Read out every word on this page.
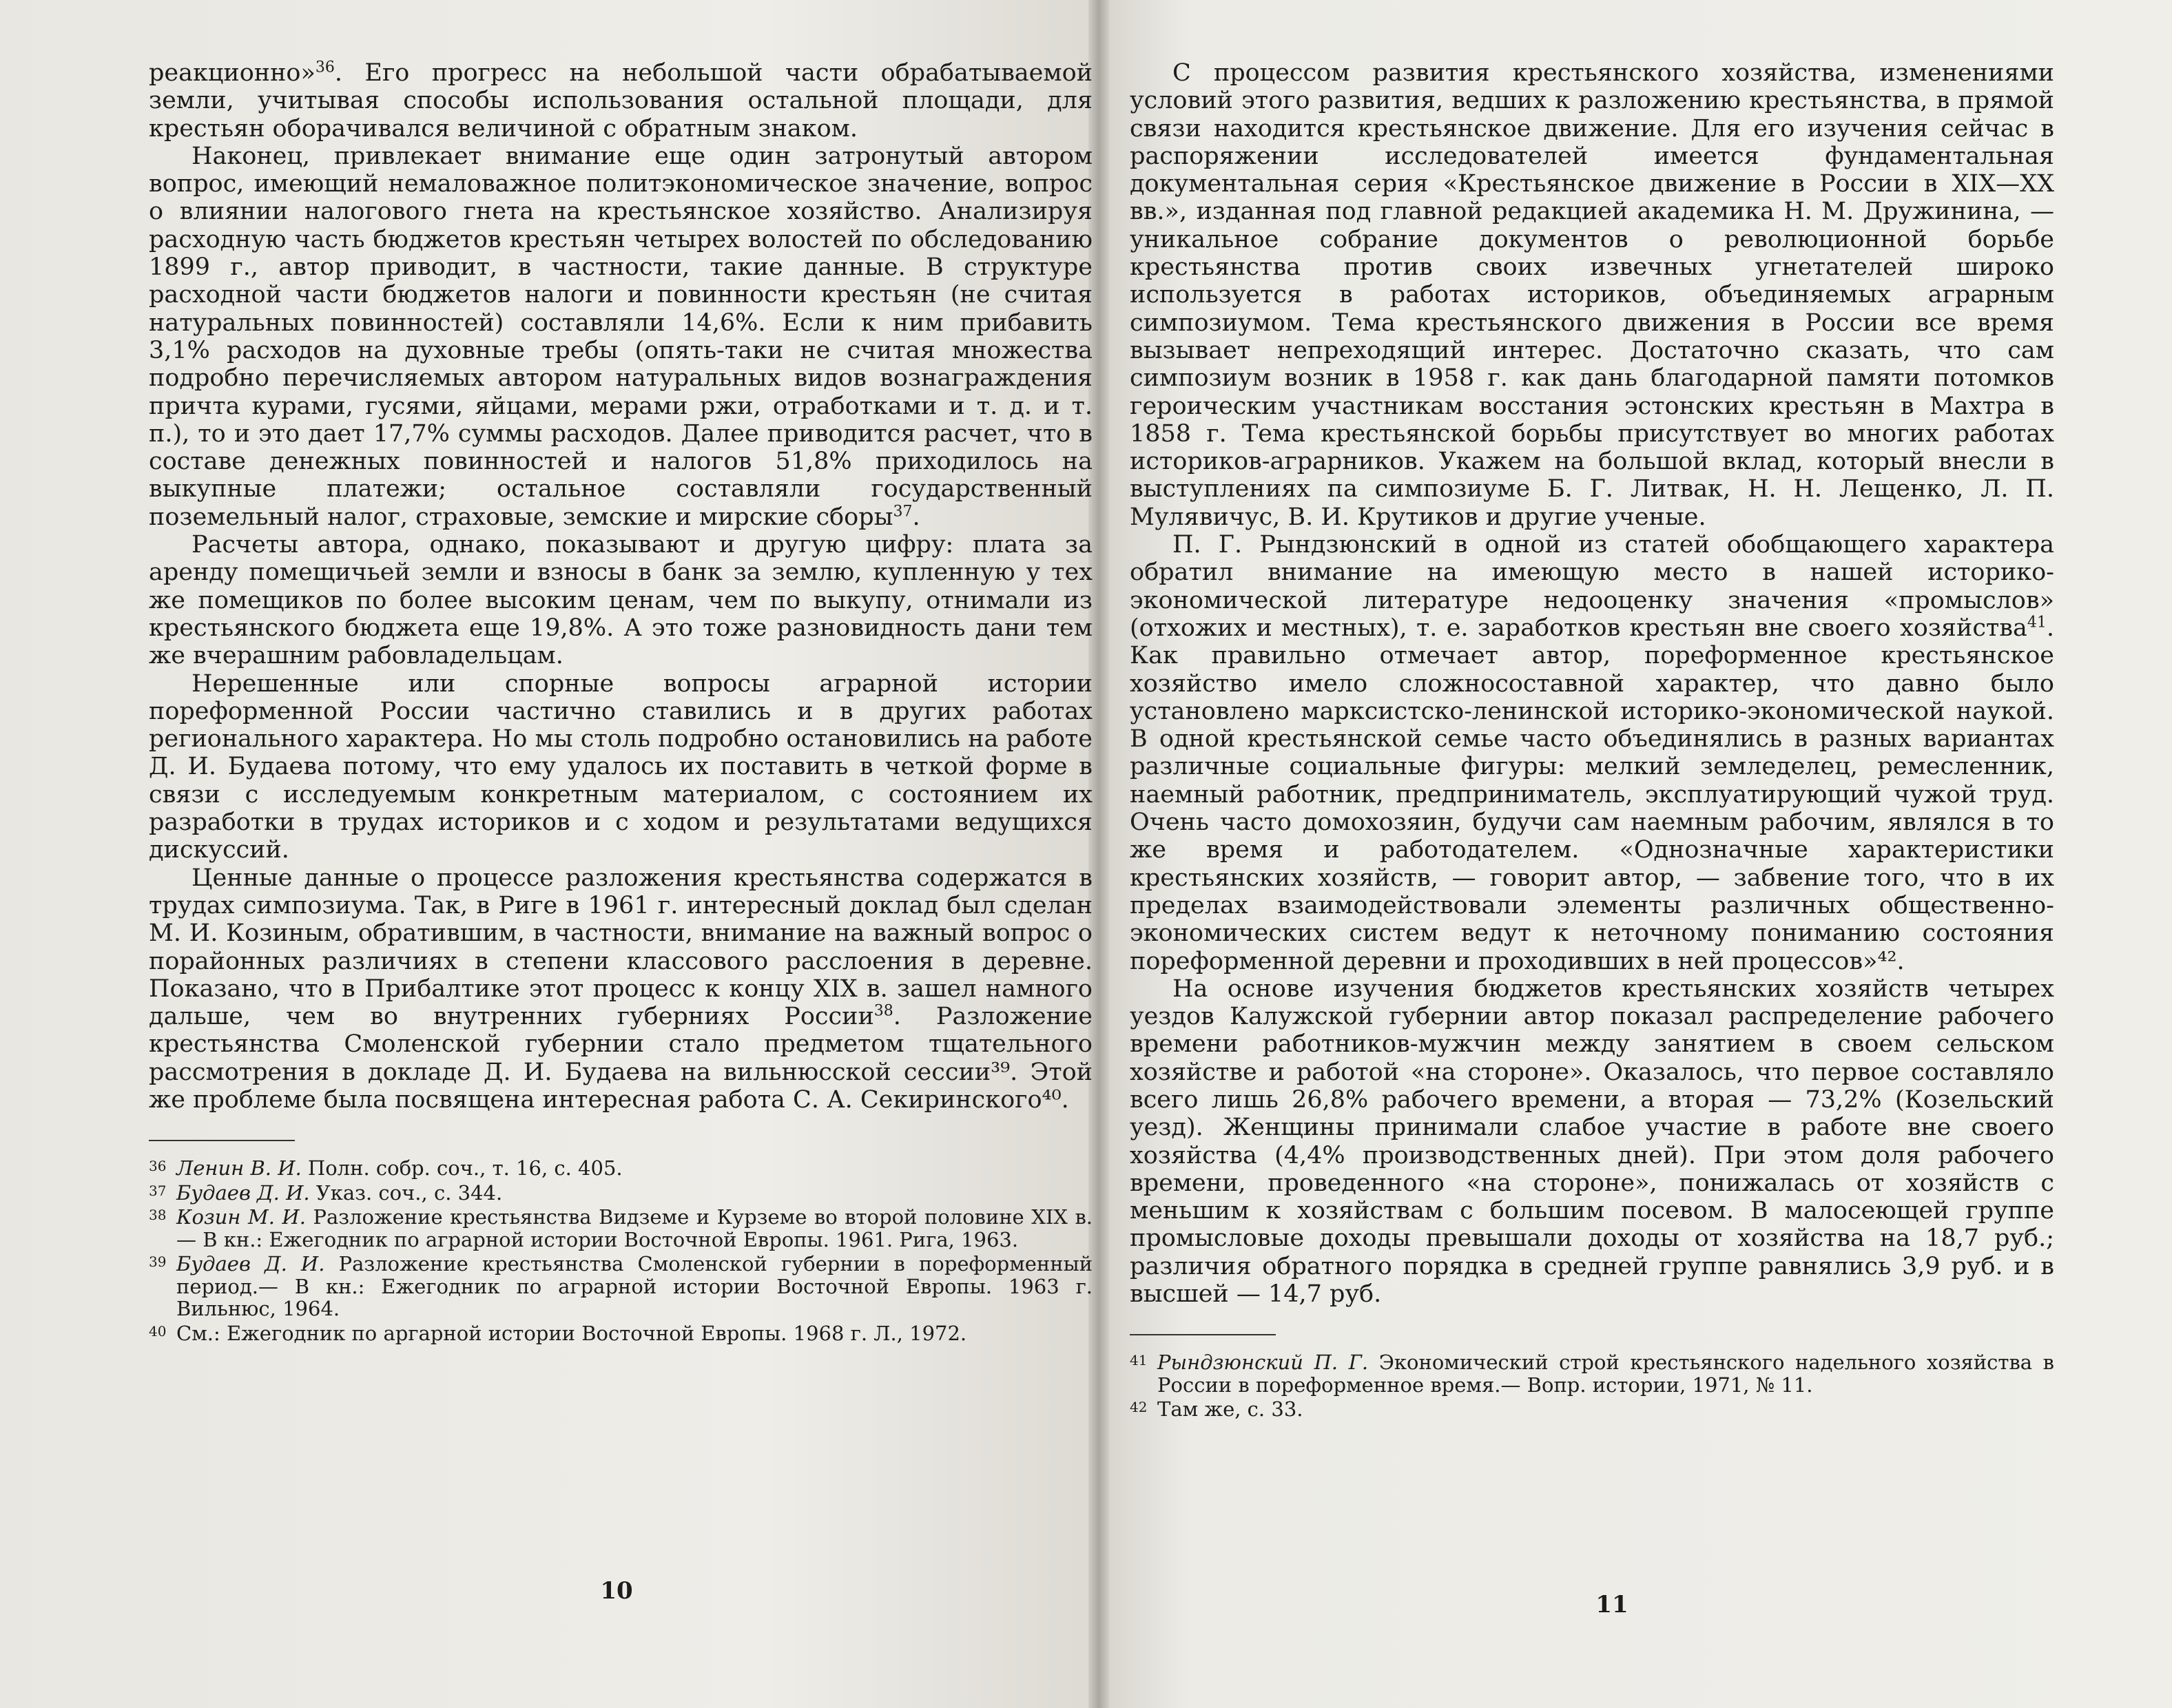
реакционно»$^{36}$. Его прогресс на небольшой части обрабатываемой земли, учитывая способы использования остальной площади, для крестьян оборачивался величиной с обратным знаком.

Наконец, привлекает внимание еще один затронутый автором вопрос, имеющий немаловажное политэкономическое значение, вопрос о влиянии налогового гнета на крестьянское хозяйство. Анализируя расходную часть бюджетов крестьян четырех волостей по обследованию 1899 г., автор приводит, в частности, такие данные. В структуре расходной части бюджетов налоги и повинности крестьян (не считая натуральных повинностей) составляли 14,6%. Если к ним прибавить 3,1% расходов на духовные требы (опять-таки не считая множества подробно перечисляемых автором натуральных видов вознаграждения причта курами, гусями, яйцами, мерами ржи, отработками и т. д. и т. п.), то и это дает 17,7% суммы расходов. Далее приводится расчет, что в составе денежных повинностей и налогов 51,8% приходилось на выкупные платежи; остальное составляли государственный поземельный налог, страховые, земские и мирские сборы$^{37}$.

Расчеты автора, однако, показывают и другую цифру: плата за аренду помещичьей земли и взносы в банк за землю, купленную у тех же помещиков по более высоким ценам, чем по выкупу, отнимали из крестьянского бюджета еще 19,8%. А это тоже разновидность дани тем же вчерашним рабовладельцам.

Нерешенные или спорные вопросы аграрной истории пореформенной России частично ставились и в других работах регионального характера. Но мы столь подробно остановились на работе Д. И. Будаева потому, что ему удалось их поставить в четкой форме в связи с исследуемым конкретным материалом, с состоянием их разработки в трудах историков и с ходом и результатами ведущихся дискуссий.

Ценные данные о процессе разложения крестьянства содержатся в трудах симпозиума. Так, в Риге в 1961 г. интересный доклад был сделан М. И. Козиным, обратившим, в частности, внимание на важный вопрос о порайонных различиях в степени классового расслоения в деревне. Показано, что в Прибалтике этот процесс к концу XIX в. зашел намного дальше, чем во внутренних губерниях России$^{38}$. Разложение крестьянства Смоленской губернии стало предметом тщательного рассмотрения в докладе Д. И. Будаева на вильнюсской сессии³⁹. Этой же проблеме была посвящена интересная работа С. А. Секиринского⁴⁰.

36 Ленин В. И. Полн. собр. соч., т. 16, с. 405.

37 Будаев Д. И. Указ. соч., с. 344.

38 Козин М. И. Разложение крестьянства Видземе и Курземе во второй половине XIX в.— В кн.: Ежегодник по аграрной истории Восточной Европы. 1961. Рига, 1963.

39 Будаев Д. И. Разложение крестьянства Смоленской губернии в пореформенный период.— В кн.: Ежегодник по аграрной истории Восточной Европы. 1963 г. Вильнюс, 1964.

40 См.: Ежегодник по аргарной истории Восточной Европы. 1968 г. Л., 1972.

10

С процессом развития крестьянского хозяйства, изменениями условий этого развития, ведших к разложению крестьянства, в прямой связи находится крестьянское движение. Для его изучения сейчас в распоряжении исследователей имеется фундаментальная документальная серия «Крестьянское движение в России в XIX—XX вв.», изданная под главной редакцией академика Н. М. Дружинина, — уникальное собрание документов о революционной борьбе крестьянства против своих извечных угнетателей широко используется в работах историков, объединяемых аграрным симпозиумом. Тема крестьянского движения в России все время вызывает непреходящий интерес. Достаточно сказать, что сам симпозиум возник в 1958 г. как дань благодарной памяти потомков героическим участникам восстания эстонских крестьян в Махтра в 1858 г. Тема крестьянской борьбы присутствует во многих работах историков-аграрников. Укажем на большой вклад, который внесли в выступлениях па симпозиуме Б. Г. Литвак, Н. Н. Лещенко, Л. П. Мулявичус, В. И. Крутиков и другие ученые.

П. Г. Рындзюнский в одной из статей обобщающего характера обратил внимание на имеющую место в нашей историко-экономической литературе недооценку значения «промыслов» (отхожих и местных), т. е. заработков крестьян вне своего хозяйства$^{41}$. Как правильно отмечает автор, пореформенное крестьянское хозяйство имело сложносоставной характер, что давно было установлено марксистско-ленинской историко-экономической наукой. В одной крестьянской семье часто объединялись в разных вариантах различные социальные фигуры: мелкий земледелец, ремесленник, наемный работник, предприниматель, эксплуатирующий чужой труд. Очень часто домохозяин, будучи сам наемным рабочим, являлся в то же время и работодателем. «Однозначные характеристики крестьянских хозяйств, — говорит автор, — забвение того, что в их пределах взаимодействовали элементы различных общественно-экономических систем ведут к неточному пониманию состояния пореформенной деревни и проходивших в ней процессов»⁴².

На основе изучения бюджетов крестьянских хозяйств четырех уездов Калужской губернии автор показал распределение рабочего времени работников-мужчин между занятием в своем сельском хозяйстве и работой «на стороне». Оказалось, что первое составляло всего лишь 26,8% рабочего времени, а вторая — 73,2% (Козельский уезд). Женщины принимали слабое участие в работе вне своего хозяйства (4,4% производственных дней). При этом доля рабочего времени, проведенного «на стороне», понижалась от хозяйств с меньшим к хозяйствам с большим посевом. В малосеющей группе промысловые доходы превышали доходы от хозяйства на 18,7 руб.; различия обратного порядка в средней группе равнялись 3,9 руб. и в высшей — 14,7 руб.

41 Рындзюнский П. Г. Экономический строй крестьянского надельного хозяйства в России в пореформенное время.— Вопр. истории, 1971, № 11.

42 Там же, с. 33.

11
